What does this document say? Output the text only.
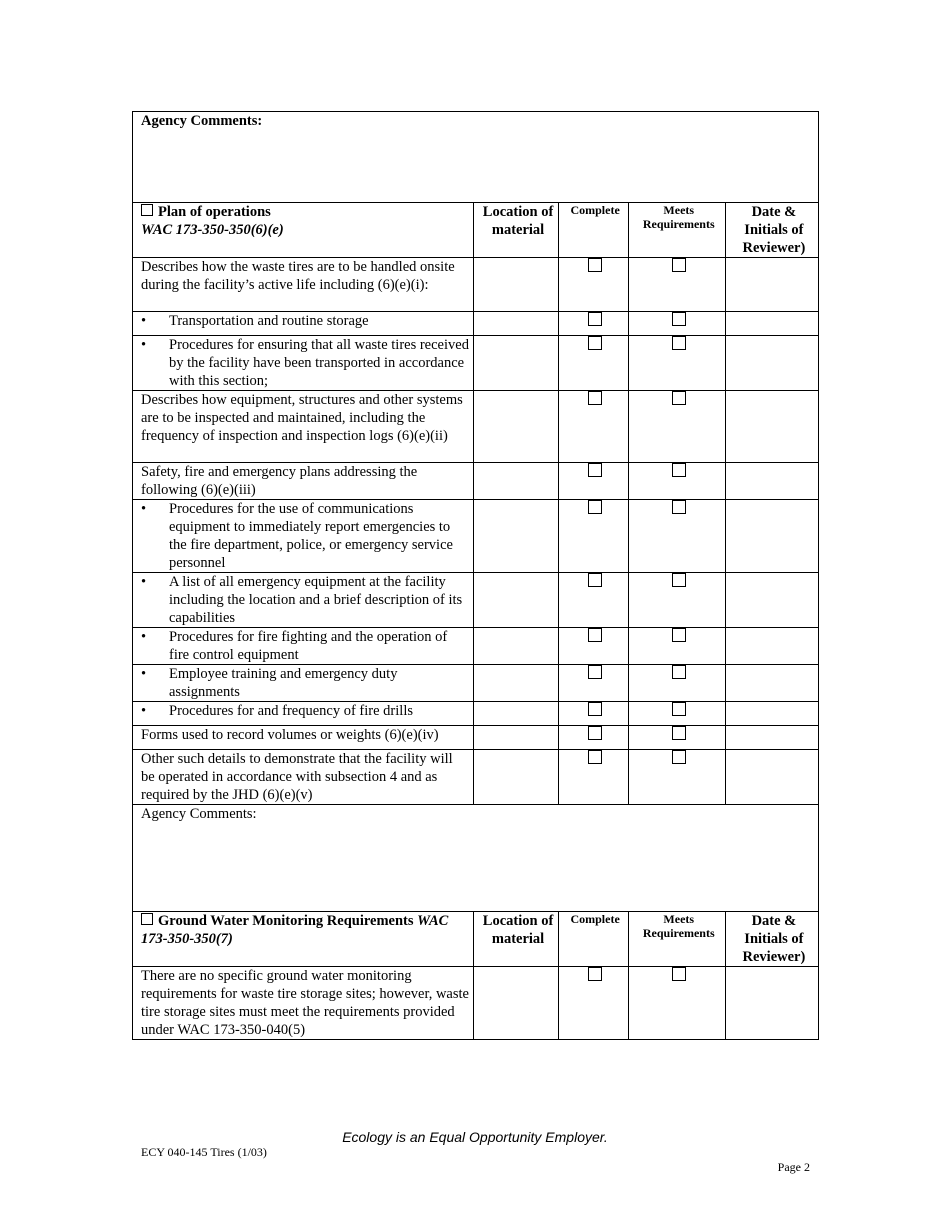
Agency Comments:				
Plan of operations
WAC 173-350-350(6)(e)	Location of material	Complete	Meets Requirements	Date & Initials of Reviewer)
Describes how the waste tires are to be handled onsite during the facility’s active life including (6)(e)(i):				

• Transportation and routine storage

• Procedures for ensuring that all waste tires received by the facility have been transported in accordance with this section;

Describes how equipment, structures and other systems are to be inspected and maintained, including the frequency of inspection and inspection logs (6)(e)(ii)				
Safety, fire and emergency plans addressing the following (6)(e)(iii)				

• Procedures for the use of communications equipment to immediately report emergencies to the fire department, police, or emergency service personnel

• A list of all emergency equipment at the facility including the location and a brief description of its capabilities

• Procedures for fire fighting and the operation of fire control equipment

• Employee training and emergency duty assignments

• Procedures for and frequency of fire drills

Forms used to record volumes or weights (6)(e)(iv)				
Other such details to demonstrate that the facility will be operated in accordance with subsection 4 and as required by the JHD (6)(e)(v)				
Agency Comments:				
Ground Water Monitoring Requirements WAC 173-350-350(7)	Location of material	Complete	Meets Requirements	Date & Initials of Reviewer)
There are no specific ground water monitoring requirements for waste tire storage sites; however, waste tire storage sites must meet the requirements provided under WAC 173-350-040(5)				
Ecology is an Equal Opportunity Employer.
ECY 040-145 Tires (1/03)
Page 2
